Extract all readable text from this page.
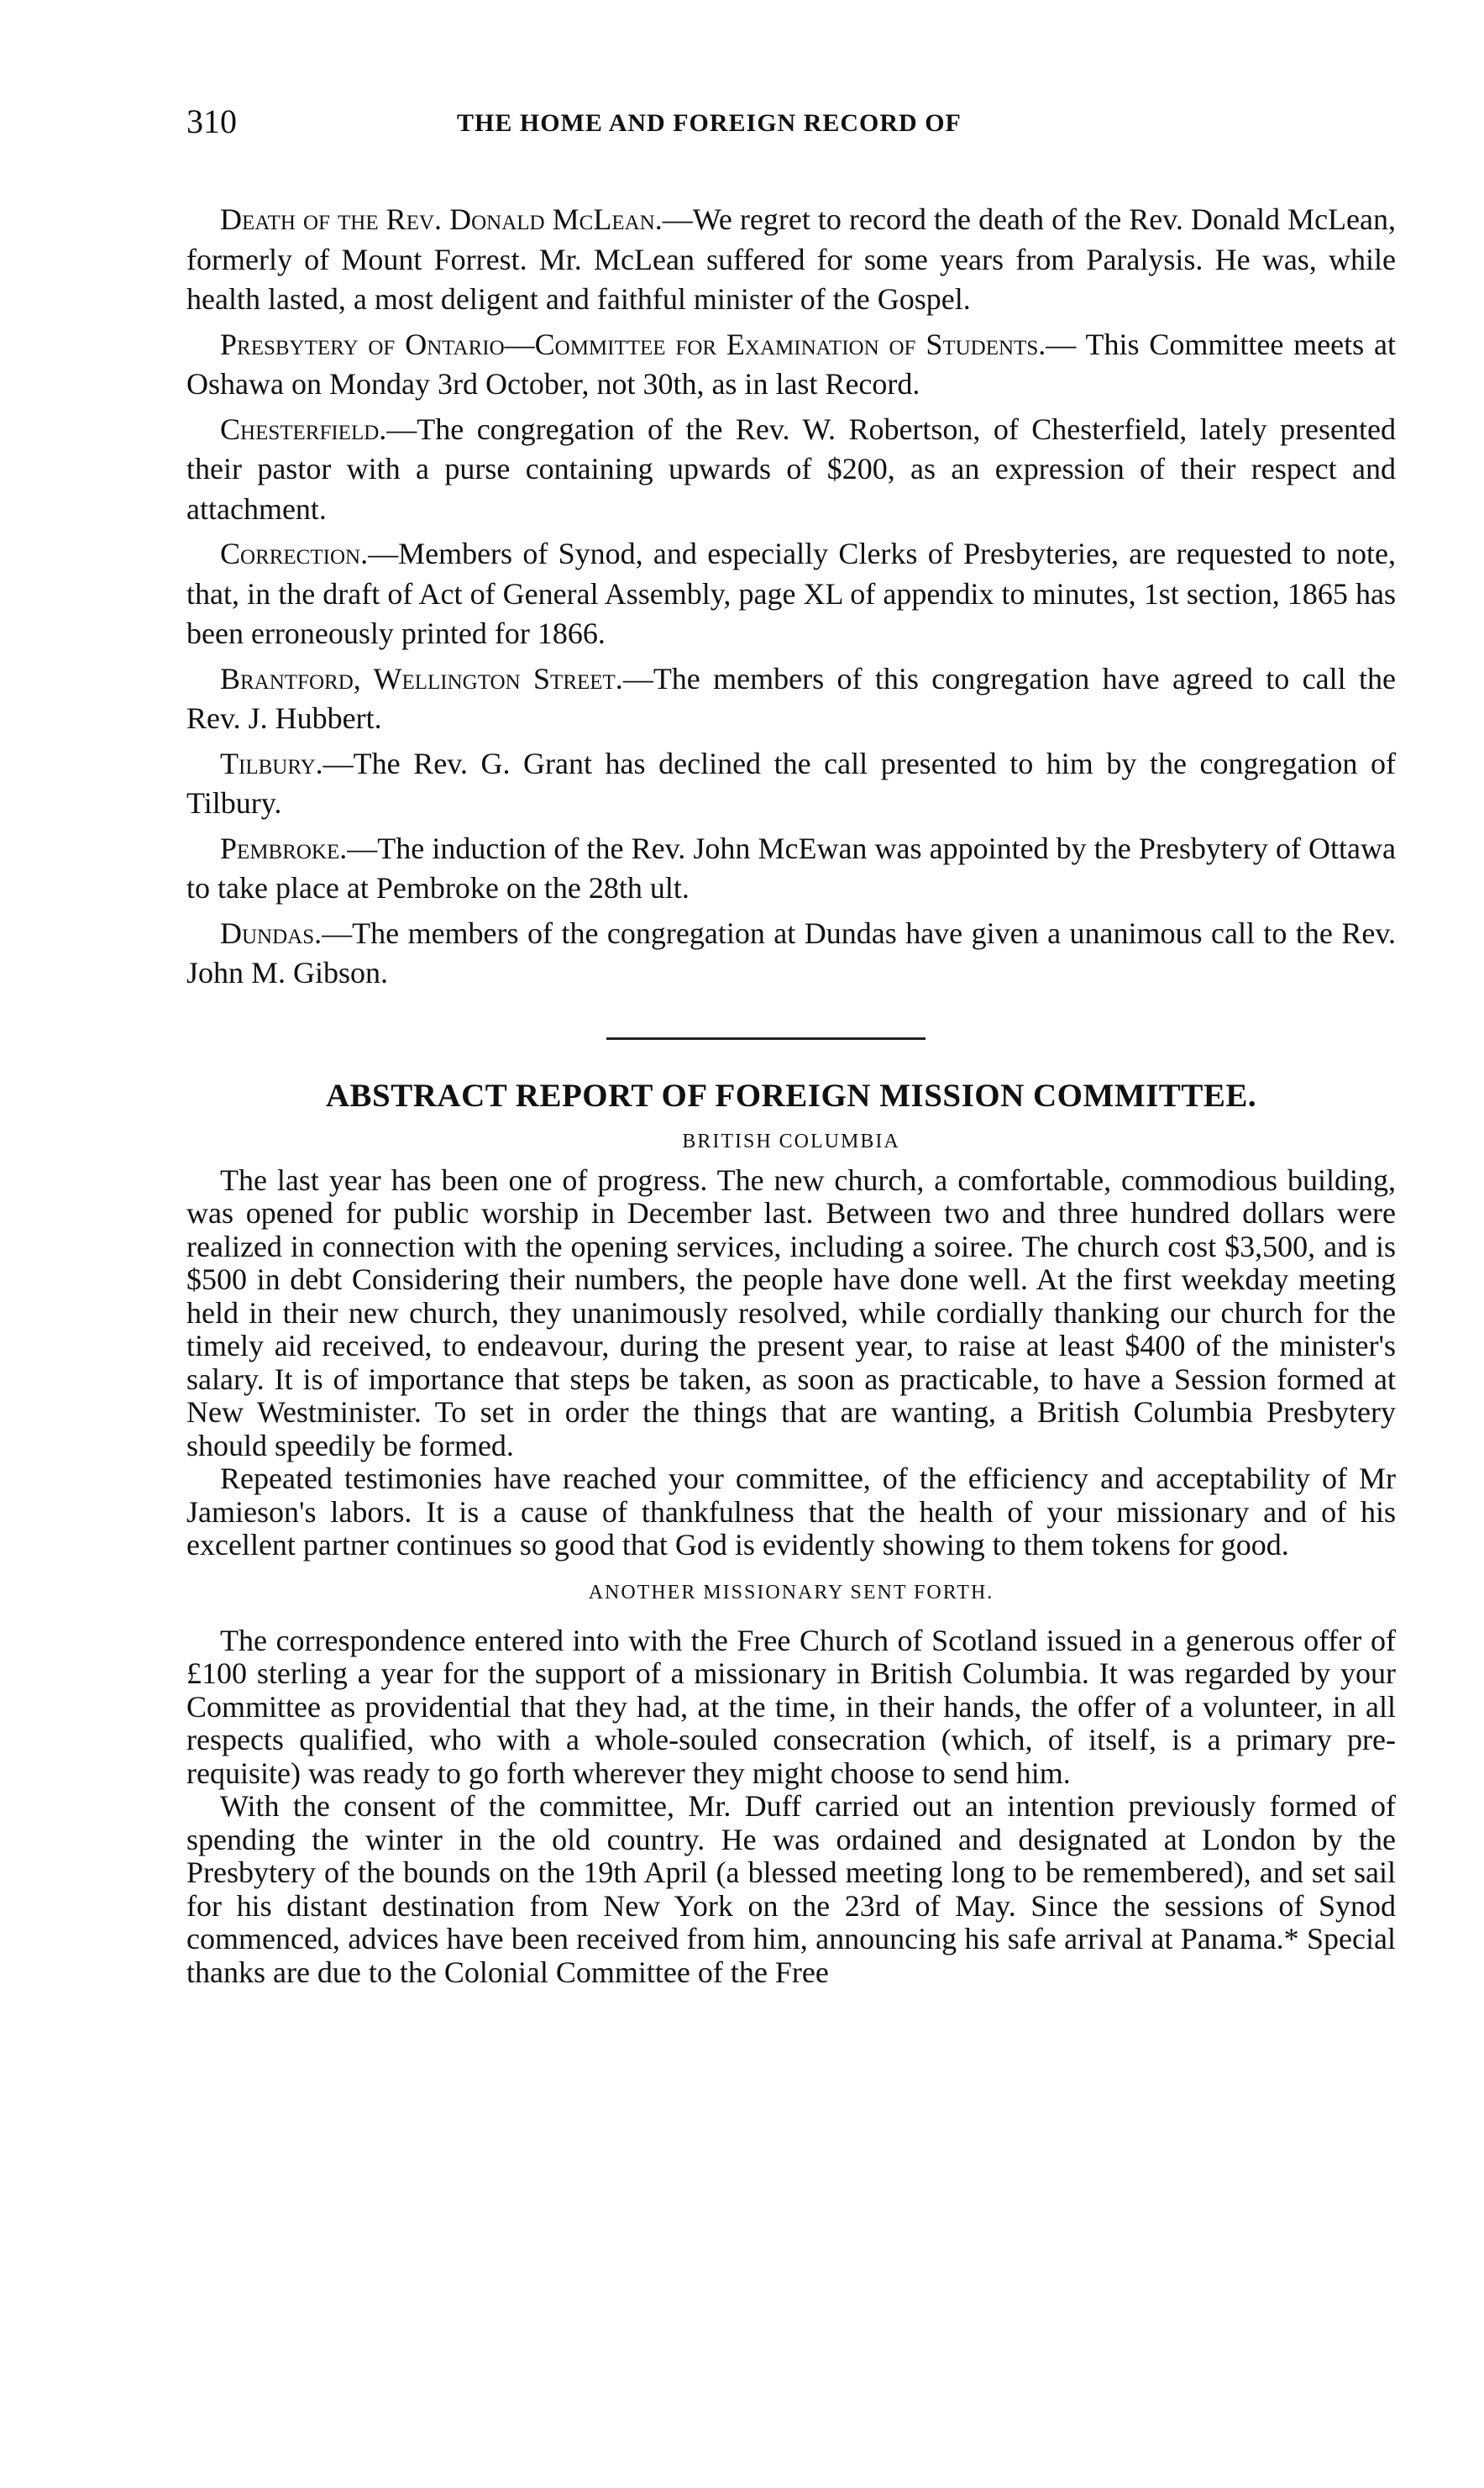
310	THE HOME AND FOREIGN RECORD OF

Death of the Rev. Donald McLean.—We regret to record the death of the Rev. Donald McLean, formerly of Mount Forrest. Mr. McLean suffered for some years from Paralysis. He was, while health lasted, a most deligent and faithful minister of the Gospel.

Presbytery of Ontario—Committee for Examination of Students.— This Committee meets at Oshawa on Monday 3rd October, not 30th, as in last Record.

Chesterfield.—The congregation of the Rev. W. Robertson, of Chesterfield, lately presented their pastor with a purse containing upwards of $200, as an expression of their respect and attachment.

Correction.—Members of Synod, and especially Clerks of Presbyteries, are requested to note, that, in the draft of Act of General Assembly, page XL of appendix to minutes, 1st section, 1865 has been erroneously printed for 1866.

Brantford, Wellington Street.—The members of this congregation have agreed to call the Rev. J. Hubbert.

Tilbury.—The Rev. G. Grant has declined the call presented to him by the congregation of Tilbury.

Pembroke.—The induction of the Rev. John McEwan was appointed by the Presbytery of Ottawa to take place at Pembroke on the 28th ult.

Dundas.—The members of the congregation at Dundas have given a unanimous call to the Rev. John M. Gibson.

ABSTRACT REPORT OF FOREIGN MISSION COMMITTEE.
BRITISH COLUMBIA

The last year has been one of progress. The new church, a comfortable, commodious building, was opened for public worship in December last. Between two and three hundred dollars were realized in connection with the opening services, including a soiree. The church cost $3,500, and is $500 in debt Considering their numbers, the people have done well. At the first weekday meeting held in their new church, they unanimously resolved, while cordially thanking our church for the timely aid received, to endeavour, during the present year, to raise at least $400 of the minister's salary. It is of importance that steps be taken, as soon as practicable, to have a Session formed at New Westminister. To set in order the things that are wanting, a British Columbia Presbytery should speedily be formed.

Repeated testimonies have reached your committee, of the efficiency and acceptability of Mr Jamieson's labors. It is a cause of thankfulness that the health of your missionary and of his excellent partner continues so good that God is evidently showing to them tokens for good.

ANOTHER MISSIONARY SENT FORTH.

The correspondence entered into with the Free Church of Scotland issued in a generous offer of £100 sterling a year for the support of a missionary in British Columbia. It was regarded by your Committee as providential that they had, at the time, in their hands, the offer of a volunteer, in all respects qualified, who with a whole-souled consecration (which, of itself, is a primary pre-requisite) was ready to go forth wherever they might choose to send him.

With the consent of the committee, Mr. Duff carried out an intention previously formed of spending the winter in the old country. He was ordained and designated at London by the Presbytery of the bounds on the 19th April (a blessed meeting long to be remembered), and set sail for his distant destination from New York on the 23rd of May. Since the sessions of Synod commenced, advices have been received from him, announcing his safe arrival at Panama.* Special thanks are due to the Colonial Committee of the Free
